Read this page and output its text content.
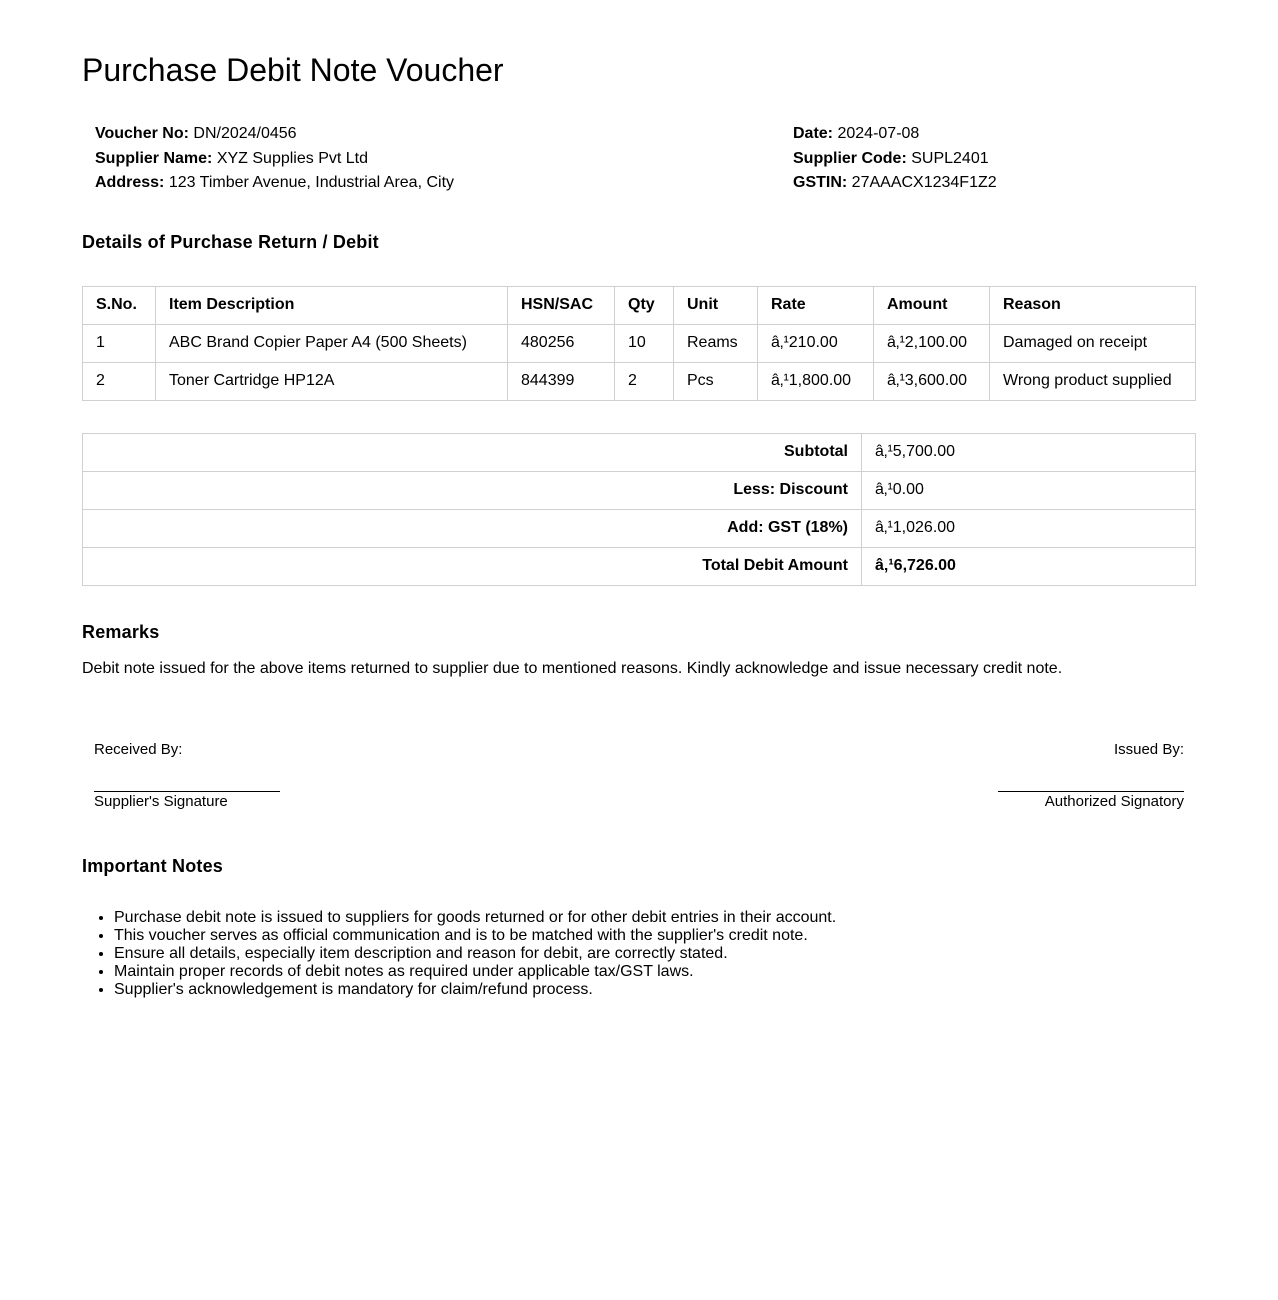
Purchase Debit Note Voucher
Voucher No: DN/2024/0456
Supplier Name: XYZ Supplies Pvt Ltd
Address: 123 Timber Avenue, Industrial Area, City
Date: 2024-07-08
Supplier Code: SUPL2401
GSTIN: 27AAACX1234F1Z2
Details of Purchase Return / Debit
S.No.	Item Description	HSN/SAC	Qty	Unit	Rate	Amount	Reason
1	ABC Brand Copier Paper A4 (500 Sheets)	480256	10	Reams	â‚¹210.00	â‚¹2,100.00	Damaged on receipt
2	Toner Cartridge HP12A	844399	2	Pcs	â‚¹1,800.00	â‚¹3,600.00	Wrong product supplied
Subtotal	â‚¹5,700.00
Less: Discount	â‚¹0.00
Add: GST (18%)	â‚¹1,026.00
Total Debit Amount	â‚¹6,726.00
Remarks
Debit note issued for the above items returned to supplier due to mentioned reasons. Kindly acknowledge and issue necessary credit note.
Received By:
Supplier's Signature
Issued By:
Authorized Signatory
Important Notes
• Purchase debit note is issued to suppliers for goods returned or for other debit entries in their account.
• This voucher serves as official communication and is to be matched with the supplier's credit note.
• Ensure all details, especially item description and reason for debit, are correctly stated.
• Maintain proper records of debit notes as required under applicable tax/GST laws.
• Supplier's acknowledgement is mandatory for claim/refund process.
